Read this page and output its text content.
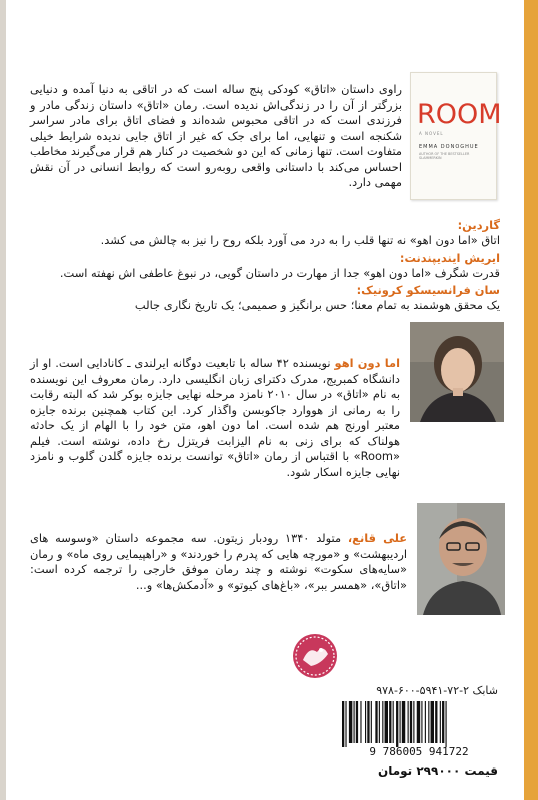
ROOM
A NOVEL
EMMA DONOGHUE
AUTHOR OF THE BESTSELLER SLAMMERKIN
راوی داستان «اتاق» کودکی پنج ساله است که در اتاقی به دنیا آمده و دنیایی بزرگتر از آن را در زندگی‌اش ندیده است. رمان «اتاق» داستان زندگی مادر و فرزندی است که در اتاقی محبوس شده‌اند و فضای اتاق برای مادر سراسر شکنجه است و تنهایی، اما برای جک که غیر از اتاق جایی ندیده شرایط خیلی متفاوت است. تنها زمانی که این دو شخصیت در کنار هم قرار می‌گیرند مخاطب احساس می‌کند با داستانی واقعی روبه‌رو است که روابط انسانی در آن نقش مهمی دارد.
گاردین:
اتاق «اما دون اهو» نه تنها قلب را به درد می آورد بلکه روح را نیز به چالش می کشد.
ایریش ایندیپندنت:
قدرت شگرف «اما دون اهو» جدا از مهارت در داستان گویی، در نبوغ عاطفی اش نهفته است.
سان فرانسیسکو کرونیک:
یک محقق هوشمند به تمام معنا؛ حس برانگیز و صمیمی؛ یک تاریخ نگاری جالب
اما دون اهو نویسنده ۴۲ ساله با تابعیت دوگانه ایرلندی ـ کانادایی است. او از دانشگاه کمبریج، مدرک دکترای زبان انگلیسی دارد. رمان معروف این نویسنده به نام «اتاق» در سال ۲۰۱۰ نامزد مرحله نهایی جایزه بوکر شد که البته رقابت را به رمانی از هووارد جاکوبسن واگذار کرد. این کتاب همچنین برنده جایزه معتبر اورنج هم شده است. اما دون اهو، متن خود را با الهام از یک حادثه هولناک که برای زنی به نام الیزابت فریتزل رخ داده، نوشته است. فیلم «Room» با اقتباس از رمان «اتاق» توانست برنده جایزه گلدن گلوب و نامزد نهایی جایزه اسکار شود.
علی قانع، متولد ۱۳۴۰ رودبار زیتون. سه مجموعه داستان «وسوسه های اردیبهشت» و «مورچه هایی که پدرم را خوردند» و «راهپیمایی روی ماه» و رمان «سایه‌های سکوت» نوشته و چند رمان موفق خارجی را ترجمه کرده است: «اتاق»، «همسر ببر»، «باغ‌های کیوتو» و «آدمکش‌ها» و...
شابک ۲-۷۲-۵۹۴۱-۶۰۰-۹۷۸
9 786005 941722
قیمت ۲۹۹۰۰۰ تومان
